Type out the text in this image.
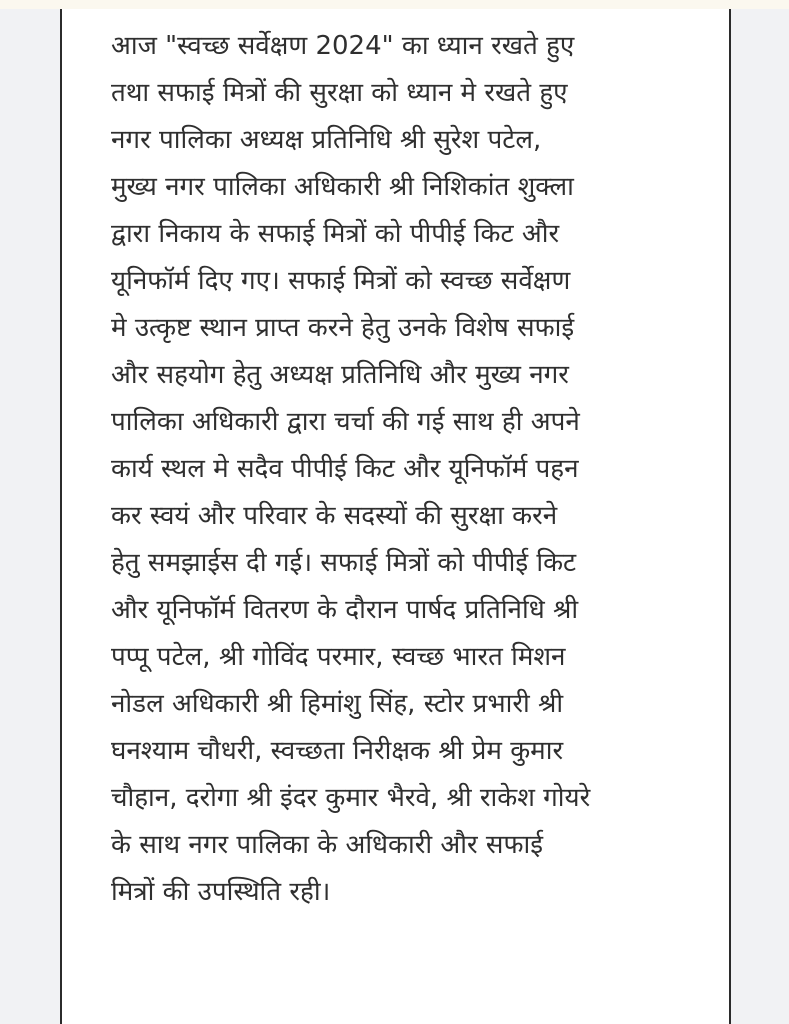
आज "स्वच्छ सर्वेक्षण 2024" का ध्यान रखते हुए
तथा सफाई मित्रों की सुरक्षा को ध्यान मे रखते हुए
नगर पालिका अध्यक्ष प्रतिनिधि श्री सुरेश पटेल,
मुख्य नगर पालिका अधिकारी श्री निशिकांत शुक्ला
द्वारा निकाय के सफाई मित्रों को पीपीई किट और
यूनिफॉर्म दिए गए। सफाई मित्रों को स्वच्छ सर्वेक्षण
मे उत्कृष्ट स्थान प्राप्त करने हेतु उनके विशेष सफाई
और सहयोग हेतु अध्यक्ष प्रतिनिधि और मुख्य नगर
पालिका अधिकारी द्वारा चर्चा की गई साथ ही अपने
कार्य स्थल मे सदैव पीपीई किट और यूनिफॉर्म पहन
कर स्वयं और परिवार के सदस्यों की सुरक्षा करने
हेतु समझाईस दी गई। सफाई मित्रों को पीपीई किट
और यूनिफॉर्म वितरण के दौरान पार्षद प्रतिनिधि श्री
पप्पू पटेल, श्री गोविंद परमार, स्वच्छ भारत मिशन
नोडल अधिकारी श्री हिमांशु सिंह, स्टोर प्रभारी श्री
घनश्याम चौधरी, स्वच्छता निरीक्षक श्री प्रेम कुमार
चौहान, दरोगा श्री इंदर कुमार भैरवे, श्री राकेश गोयरे
के साथ नगर पालिका के अधिकारी और सफाई
मित्रों की उपस्थिति रही।
